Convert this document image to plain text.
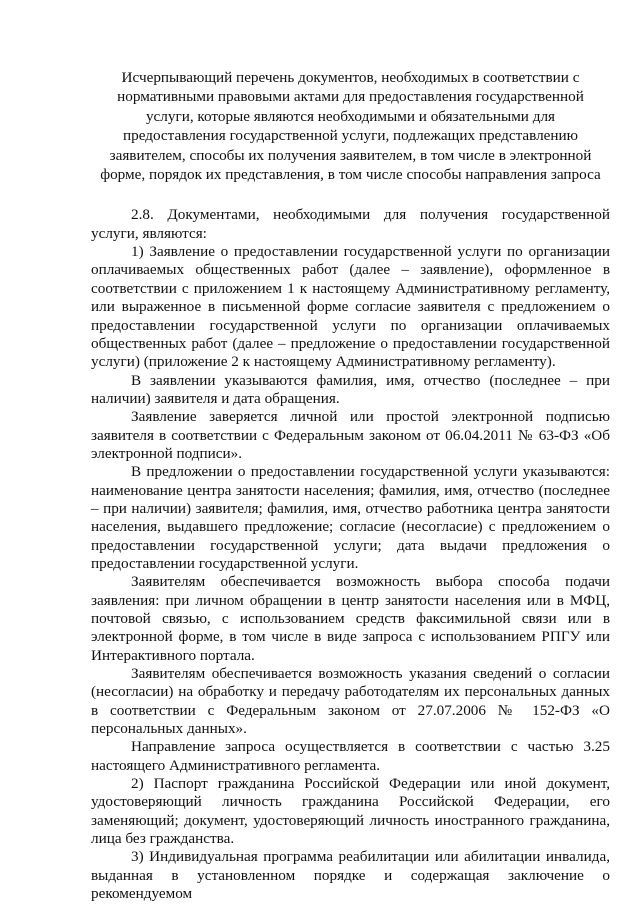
Исчерпывающий перечень документов, необходимых в соответствии с нормативными правовыми актами для предоставления государственной услуги, которые являются необходимыми и обязательными для предоставления государственной услуги, подлежащих представлению заявителем, способы их получения заявителем, в том числе в электронной форме, порядок их представления, в том числе способы направления запроса

2.8. Документами, необходимыми для получения государственной услуги, являются:

1) Заявление о предоставлении государственной услуги по организации оплачиваемых общественных работ (далее – заявление), оформленное в соответствии с приложением 1 к настоящему Административному регламенту, или выраженное в письменной форме согласие заявителя с предложением о предоставлении государственной услуги по организации оплачиваемых общественных работ (далее – предложение о предоставлении государственной услуги) (приложение 2 к настоящему Административному регламенту).

В заявлении указываются фамилия, имя, отчество (последнее – при наличии) заявителя и дата обращения.

Заявление заверяется личной или простой электронной подписью заявителя в соответствии с Федеральным законом от 06.04.2011 № 63-ФЗ «Об электронной подписи».

В предложении о предоставлении государственной услуги указываются: наименование центра занятости населения; фамилия, имя, отчество (последнее – при наличии) заявителя; фамилия, имя, отчество работника центра занятости населения, выдавшего предложение; согласие (несогласие) с предложением о предоставлении государственной услуги; дата выдачи предложения о предоставлении государственной услуги.

Заявителям обеспечивается возможность выбора способа подачи заявления: при личном обращении в центр занятости населения или в МФЦ, почтовой связью, с использованием средств факсимильной связи или в электронной форме, в том числе в виде запроса с использованием РПГУ или Интерактивного портала.

Заявителям обеспечивается возможность указания сведений о согласии (несогласии) на обработку и передачу работодателям их персональных данных в соответствии с Федеральным законом от 27.07.2006 № 152-ФЗ «О персональных данных».

Направление запроса осуществляется в соответствии с частью 3.25 настоящего Административного регламента.

2) Паспорт гражданина Российской Федерации или иной документ, удостоверяющий личность гражданина Российской Федерации, его заменяющий; документ, удостоверяющий личность иностранного гражданина, лица без гражданства.

3) Индивидуальная программа реабилитации или абилитации инвалида, выданная в установленном порядке и содержащая заключение о рекомендуемом
